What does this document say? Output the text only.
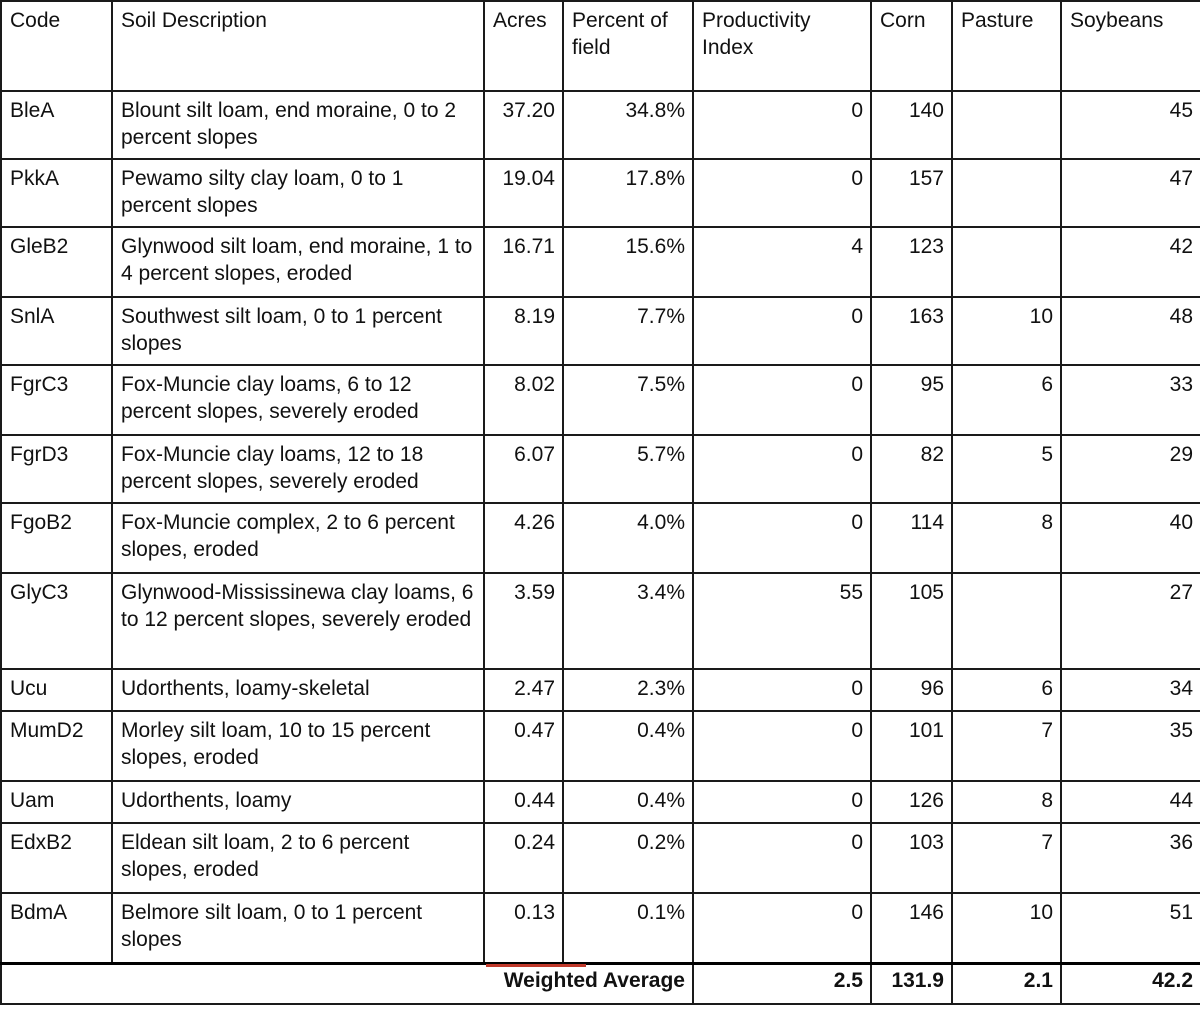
Code	Soil Description	Acres	Percent of field	Productivity Index	Corn	Pasture	Soybeans
BleA	Blount silt loam, end moraine, 0 to 2 percent slopes	37.20	34.8%	0	140		45
PkkA	Pewamo silty clay loam, 0 to 1 percent slopes	19.04	17.8%	0	157		47
GleB2	Glynwood silt loam, end moraine, 1 to 4 percent slopes, eroded	16.71	15.6%	4	123		42
SnlA	Southwest silt loam, 0 to 1 percent slopes	8.19	7.7%	0	163	10	48
FgrC3	Fox-Muncie clay loams, 6 to 12 percent slopes, severely eroded	8.02	7.5%	0	95	6	33
FgrD3	Fox-Muncie clay loams, 12 to 18 percent slopes, severely eroded	6.07	5.7%	0	82	5	29
FgoB2	Fox-Muncie complex, 2 to 6 percent slopes, eroded	4.26	4.0%	0	114	8	40
GlyC3	Glynwood-Mississinewa clay loams, 6 to 12 percent slopes, severely eroded	3.59	3.4%	55	105		27
Ucu	Udorthents, loamy-skeletal	2.47	2.3%	0	96	6	34
MumD2	Morley silt loam, 10 to 15 percent slopes, eroded	0.47	0.4%	0	101	7	35
Uam	Udorthents, loamy	0.44	0.4%	0	126	8	44
EdxB2	Eldean silt loam, 2 to 6 percent slopes, eroded	0.24	0.2%	0	103	7	36
BdmA	Belmore silt loam, 0 to 1 percent slopes	0.13	0.1%	0	146	10	51
Weighted Average				2.5	131.9	2.1	42.2
